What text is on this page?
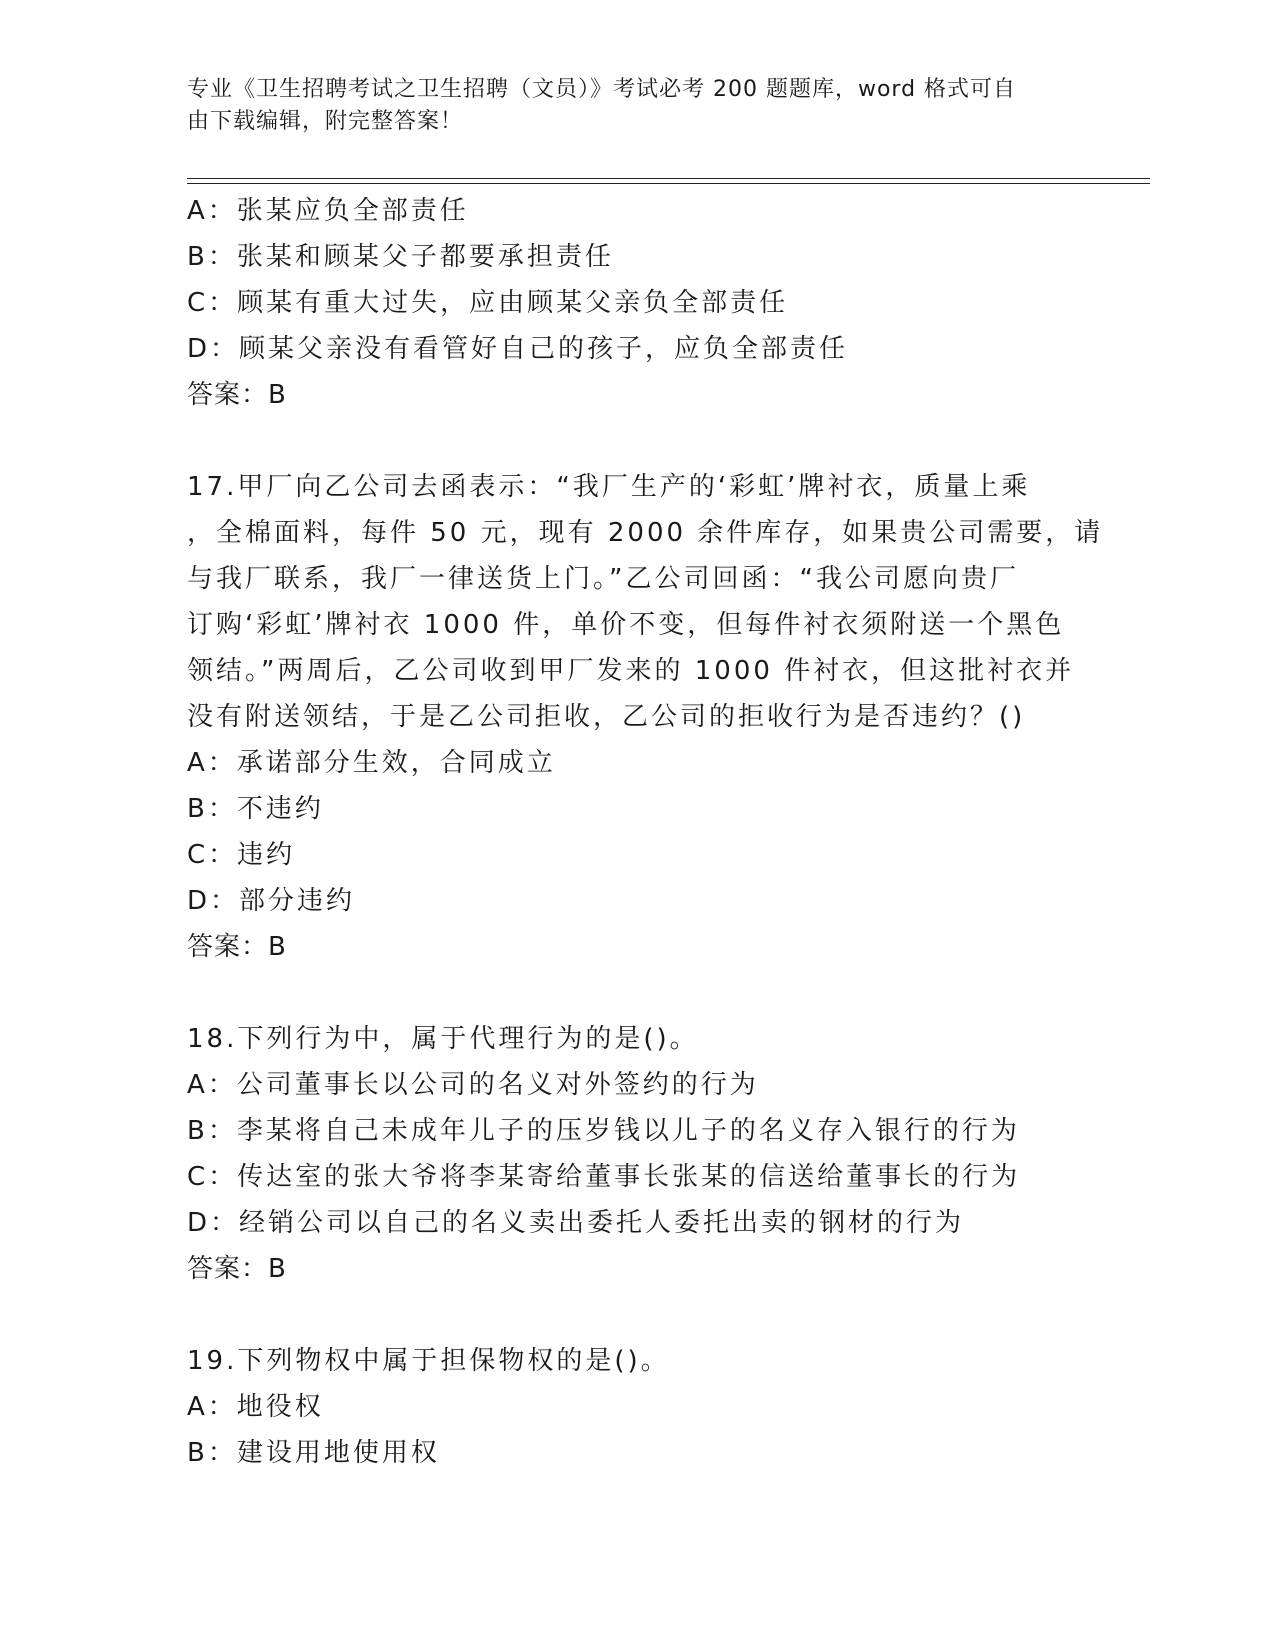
专业《卫生招聘考试之卫生招聘（文员）》考试必考 200 题题库，word 格式可自
由下载编辑，附完整答案！
A：张某应负全部责任
B：张某和顾某父子都要承担责任
C：顾某有重大过失，应由顾某父亲负全部责任
D：顾某父亲没有看管好自己的孩子，应负全部责任
答案：B
17.甲厂向乙公司去函表示：“我厂生产的‘彩虹’牌衬衣，质量上乘
，全棉面料，每件 50 元，现有 2000 余件库存，如果贵公司需要，请
与我厂联系，我厂一律送货上门。”乙公司回函：“我公司愿向贵厂
订购‘彩虹’牌衬衣 1000 件，单价不变，但每件衬衣须附送一个黑色
领结。”两周后，乙公司收到甲厂发来的 1000 件衬衣，但这批衬衣并
没有附送领结，于是乙公司拒收，乙公司的拒收行为是否违约？()
A：承诺部分生效，合同成立
B：不违约
C：违约
D：部分违约
答案：B
18.下列行为中，属于代理行为的是()。
A：公司董事长以公司的名义对外签约的行为
B：李某将自己未成年儿子的压岁钱以儿子的名义存入银行的行为
C：传达室的张大爷将李某寄给董事长张某的信送给董事长的行为
D：经销公司以自己的名义卖出委托人委托出卖的钢材的行为
答案：B
19.下列物权中属于担保物权的是()。
A：地役权
B：建设用地使用权
